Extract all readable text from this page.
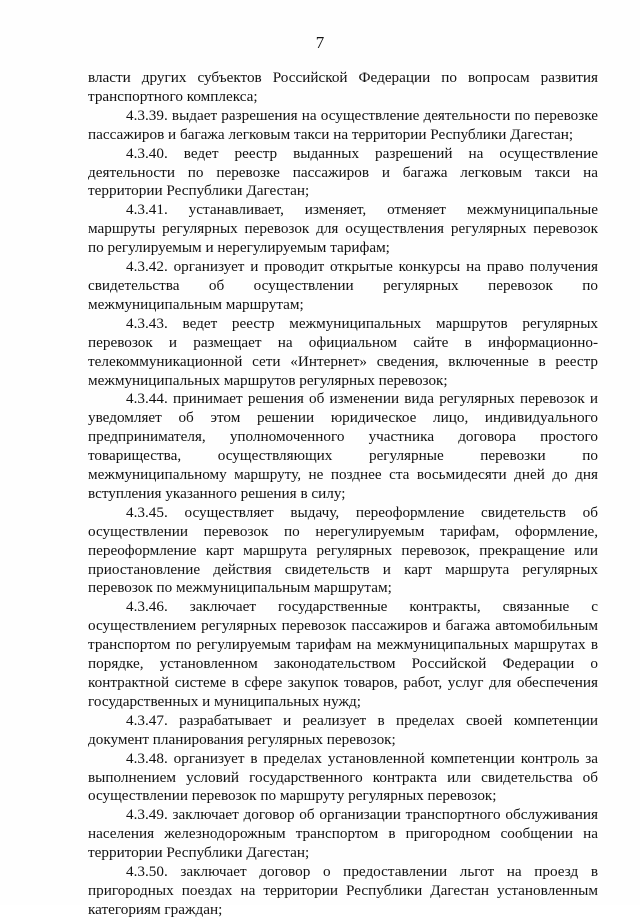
7

власти других субъектов Российской Федерации по вопросам развития транспортного комплекса;

4.3.39. выдает разрешения на осуществление деятельности по перевозке пассажиров и багажа легковым такси на территории Республики Дагестан;

4.3.40. ведет реестр выданных разрешений на осуществление деятельности по перевозке пассажиров и багажа легковым такси на территории Республики Дагестан;

4.3.41. устанавливает, изменяет, отменяет межмуниципальные маршруты регулярных перевозок для осуществления регулярных перевозок по регулируемым и нерегулируемым тарифам;

4.3.42. организует и проводит открытые конкурсы на право получения свидетельства об осуществлении регулярных перевозок по межмуниципальным маршрутам;

4.3.43. ведет реестр межмуниципальных маршрутов регулярных перевозок и размещает на официальном сайте в информационно-телекоммуникационной сети «Интернет» сведения, включенные в реестр межмуниципальных маршрутов регулярных перевозок;

4.3.44. принимает решения об изменении вида регулярных перевозок и уведомляет об этом решении юридическое лицо, индивидуального предпринимателя, уполномоченного участника договора простого товарищества, осуществляющих регулярные перевозки по межмуниципальному маршруту, не позднее ста восьмидесяти дней до дня вступления указанного решения в силу;

4.3.45. осуществляет выдачу, переоформление свидетельств об осуществлении перевозок по нерегулируемым тарифам, оформление, переоформление карт маршрута регулярных перевозок, прекращение или приостановление действия свидетельств и карт маршрута регулярных перевозок по межмуниципальным маршрутам;

4.3.46. заключает государственные контракты, связанные с осуществлением регулярных перевозок пассажиров и багажа автомобильным транспортом по регулируемым тарифам на межмуниципальных маршрутах в порядке, установленном законодательством Российской Федерации о контрактной системе в сфере закупок товаров, работ, услуг для обеспечения государственных и муниципальных нужд;

4.3.47. разрабатывает и реализует в пределах своей компетенции документ планирования регулярных перевозок;

4.3.48. организует в пределах установленной компетенции контроль за выполнением условий государственного контракта или свидетельства об осуществлении перевозок по маршруту регулярных перевозок;

4.3.49. заключает договор об организации транспортного обслуживания населения железнодорожным транспортом в пригородном сообщении на территории Республики Дагестан;

4.3.50. заключает договор о предоставлении льгот на проезд в пригородных поездах на территории Республики Дагестан установленным категориям граждан;
